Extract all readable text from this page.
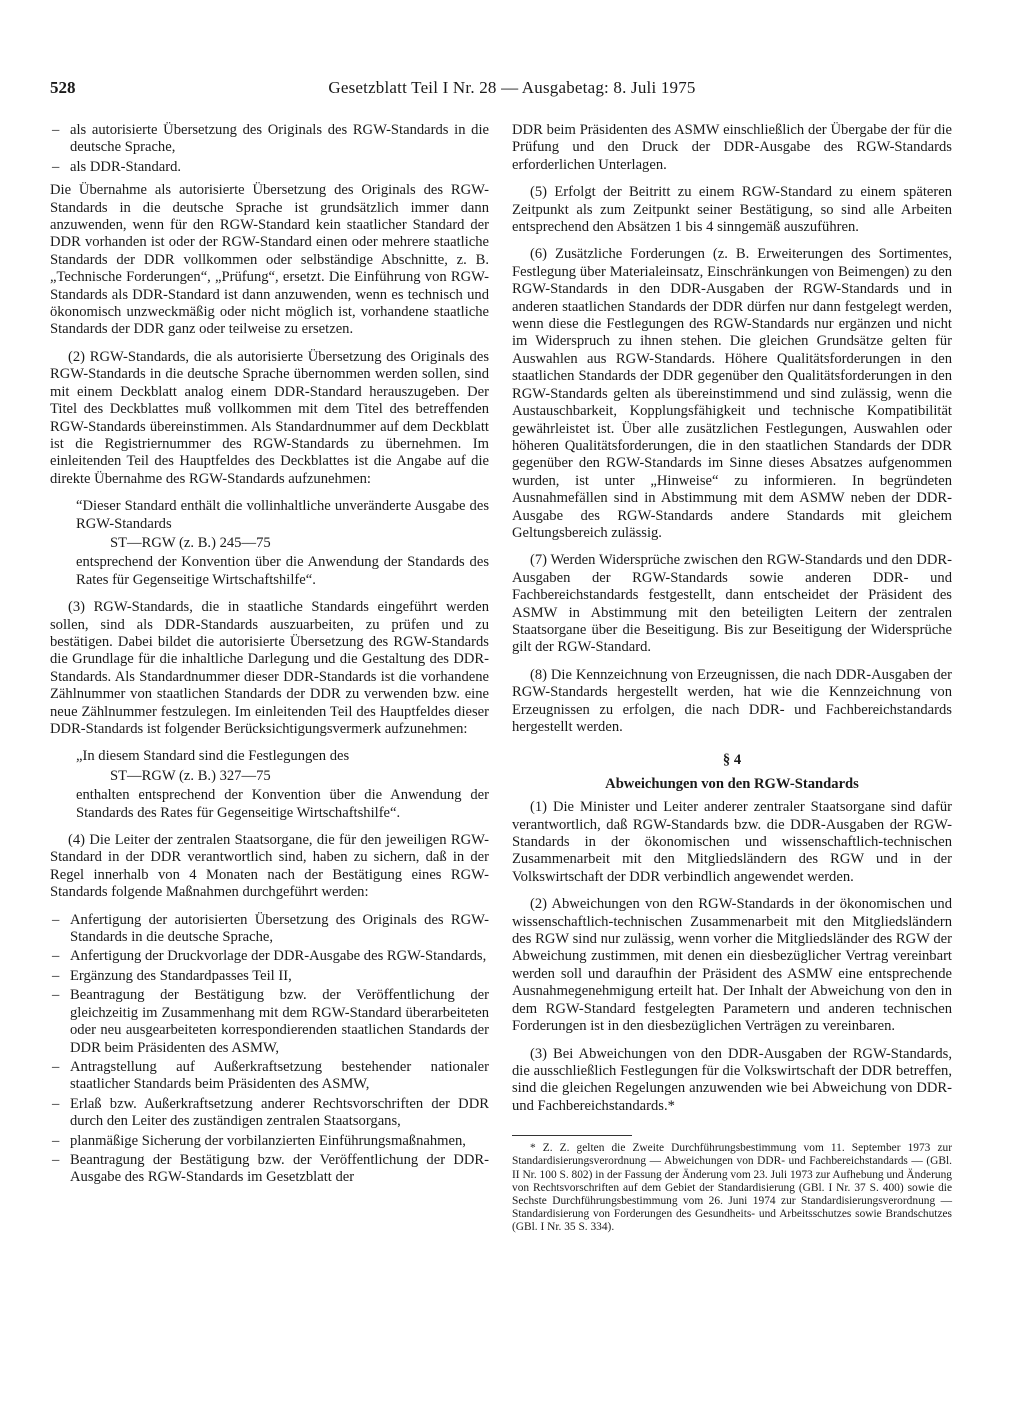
528	Gesetzblatt Teil I Nr. 28 — Ausgabetag: 8. Juli 1975
– als autorisierte Übersetzung des Originals des RGW-Standards in die deutsche Sprache,
– als DDR-Standard.

Die Übernahme als autorisierte Übersetzung des Originals des RGW-Standards in die deutsche Sprache ist grundsätzlich immer dann anzuwenden, wenn für den RGW-Standard kein staatlicher Standard der DDR vorhanden ist oder der RGW-Standard einen oder mehrere staatliche Standards der DDR vollkommen oder selbständige Abschnitte, z. B. „Technische Forderungen“, „Prüfung“, ersetzt. Die Einführung von RGW-Standards als DDR-Standard ist dann anzuwenden, wenn es technisch und ökonomisch unzweckmäßig oder nicht möglich ist, vorhandene staatliche Standards der DDR ganz oder teilweise zu ersetzen.

(2) RGW-Standards, die als autorisierte Übersetzung des Originals des RGW-Standards in die deutsche Sprache übernommen werden sollen, sind mit einem Deckblatt analog einem DDR-Standard herauszugeben. Der Titel des Deckblattes muß vollkommen mit dem Titel des betreffenden RGW-Standards übereinstimmen. Als Standardnummer auf dem Deckblatt ist die Registriernummer des RGW-Standards zu übernehmen. Im einleitenden Teil des Hauptfeldes des Deckblattes ist die Angabe auf die direkte Übernahme des RGW-Standards aufzunehmen:

“Dieser Standard enthält die vollinhaltliche unveränderte Ausgabe des RGW-Standards

ST—RGW (z. B.) 245—75

entsprechend der Konvention über die Anwendung der Standards des Rates für Gegenseitige Wirtschaftshilfe“.

(3) RGW-Standards, die in staatliche Standards eingeführt werden sollen, sind als DDR-Standards auszuarbeiten, zu prüfen und zu bestätigen. Dabei bildet die autorisierte Übersetzung des RGW-Standards die Grundlage für die inhaltliche Darlegung und die Gestaltung des DDR-Standards. Als Standardnummer dieser DDR-Standards ist die vorhandene Zählnummer von staatlichen Standards der DDR zu verwenden bzw. eine neue Zählnummer festzulegen. Im einleitenden Teil des Hauptfeldes dieser DDR-Standards ist folgender Berücksichtigungsvermerk aufzunehmen:

„In diesem Standard sind die Festlegungen des

ST—RGW (z. B.) 327—75

enthalten entsprechend der Konvention über die Anwendung der Standards des Rates für Gegenseitige Wirtschaftshilfe“.

(4) Die Leiter der zentralen Staatsorgane, die für den jeweiligen RGW-Standard in der DDR verantwortlich sind, haben zu sichern, daß in der Regel innerhalb von 4 Monaten nach der Bestätigung eines RGW-Standards folgende Maßnahmen durchgeführt werden:

– Anfertigung der autorisierten Übersetzung des Originals des RGW-Standards in die deutsche Sprache,
– Anfertigung der Druckvorlage der DDR-Ausgabe des RGW-Standards,
– Ergänzung des Standardpasses Teil II,
– Beantragung der Bestätigung bzw. der Veröffentlichung der gleichzeitig im Zusammenhang mit dem RGW-Standard überarbeiteten oder neu ausgearbeiteten korrespondierenden staatlichen Standards der DDR beim Präsidenten des ASMW,
– Antragstellung auf Außerkraftsetzung bestehender nationaler staatlicher Standards beim Präsidenten des ASMW,
– Erlaß bzw. Außerkraftsetzung anderer Rechtsvorschriften der DDR durch den Leiter des zuständigen zentralen Staatsorgans,
– planmäßige Sicherung der vorbilanzierten Einführungsmaßnahmen,
– Beantragung der Bestätigung bzw. der Veröffentlichung der DDR-Ausgabe des RGW-Standards im Gesetzblatt der

DDR beim Präsidenten des ASMW einschließlich der Übergabe der für die Prüfung und den Druck der DDR-Ausgabe des RGW-Standards erforderlichen Unterlagen.

(5) Erfolgt der Beitritt zu einem RGW-Standard zu einem späteren Zeitpunkt als zum Zeitpunkt seiner Bestätigung, so sind alle Arbeiten entsprechend den Absätzen 1 bis 4 sinngemäß auszuführen.

(6) Zusätzliche Forderungen (z. B. Erweiterungen des Sortimentes, Festlegung über Materialeinsatz, Einschränkungen von Beimengen) zu den RGW-Standards in den DDR-Ausgaben der RGW-Standards und in anderen staatlichen Standards der DDR dürfen nur dann festgelegt werden, wenn diese die Festlegungen des RGW-Standards nur ergänzen und nicht im Widerspruch zu ihnen stehen. Die gleichen Grundsätze gelten für Auswahlen aus RGW-Standards. Höhere Qualitätsforderungen in den staatlichen Standards der DDR gegenüber den Qualitätsforderungen in den RGW-Standards gelten als übereinstimmend und sind zulässig, wenn die Austauschbarkeit, Kopplungsfähigkeit und technische Kompatibilität gewährleistet ist. Über alle zusätzlichen Festlegungen, Auswahlen oder höheren Qualitätsforderungen, die in den staatlichen Standards der DDR gegenüber den RGW-Standards im Sinne dieses Absatzes aufgenommen wurden, ist unter „Hinweise“ zu informieren. In begründeten Ausnahmefällen sind in Abstimmung mit dem ASMW neben der DDR-Ausgabe des RGW-Standards andere Standards mit gleichem Geltungsbereich zulässig.

(7) Werden Widersprüche zwischen den RGW-Standards und den DDR-Ausgaben der RGW-Standards sowie anderen DDR- und Fachbereichstandards festgestellt, dann entscheidet der Präsident des ASMW in Abstimmung mit den beteiligten Leitern der zentralen Staatsorgane über die Beseitigung. Bis zur Beseitigung der Widersprüche gilt der RGW-Standard.

(8) Die Kennzeichnung von Erzeugnissen, die nach DDR-Ausgaben der RGW-Standards hergestellt werden, hat wie die Kennzeichnung von Erzeugnissen zu erfolgen, die nach DDR- und Fachbereichstandards hergestellt werden.

§ 4
Abweichungen von den RGW-Standards

(1) Die Minister und Leiter anderer zentraler Staatsorgane sind dafür verantwortlich, daß RGW-Standards bzw. die DDR-Ausgaben der RGW-Standards in der ökonomischen und wissenschaftlich-technischen Zusammenarbeit mit den Mitgliedsländern des RGW und in der Volkswirtschaft der DDR verbindlich angewendet werden.

(2) Abweichungen von den RGW-Standards in der ökonomischen und wissenschaftlich-technischen Zusammenarbeit mit den Mitgliedsländern des RGW sind nur zulässig, wenn vorher die Mitgliedsländer des RGW der Abweichung zustimmen, mit denen ein diesbezüglicher Vertrag vereinbart werden soll und daraufhin der Präsident des ASMW eine entsprechende Ausnahmegenehmigung erteilt hat. Der Inhalt der Abweichung von den in dem RGW-Standard festgelegten Parametern und anderen technischen Forderungen ist in den diesbezüglichen Verträgen zu vereinbaren.

(3) Bei Abweichungen von den DDR-Ausgaben der RGW-Standards, die ausschließlich Festlegungen für die Volkswirtschaft der DDR betreffen, sind die gleichen Regelungen anzuwenden wie bei Abweichung von DDR- und Fachbereichstandards.*

* Z. Z. gelten die Zweite Durchführungsbestimmung vom 11. September 1973 zur Standardisierungsverordnung — Abweichungen von DDR- und Fachbereichstandards — (GBl. II Nr. 100 S. 802) in der Fassung der Änderung vom 23. Juli 1973 zur Aufhebung und Änderung von Rechtsvorschriften auf dem Gebiet der Standardisierung (GBl. I Nr. 37 S. 400) sowie die Sechste Durchführungsbestimmung vom 26. Juni 1974 zur Standardisierungsverordnung — Standardisierung von Forderungen des Gesundheits- und Arbeitsschutzes sowie Brandschutzes (GBl. I Nr. 35 S. 334).
